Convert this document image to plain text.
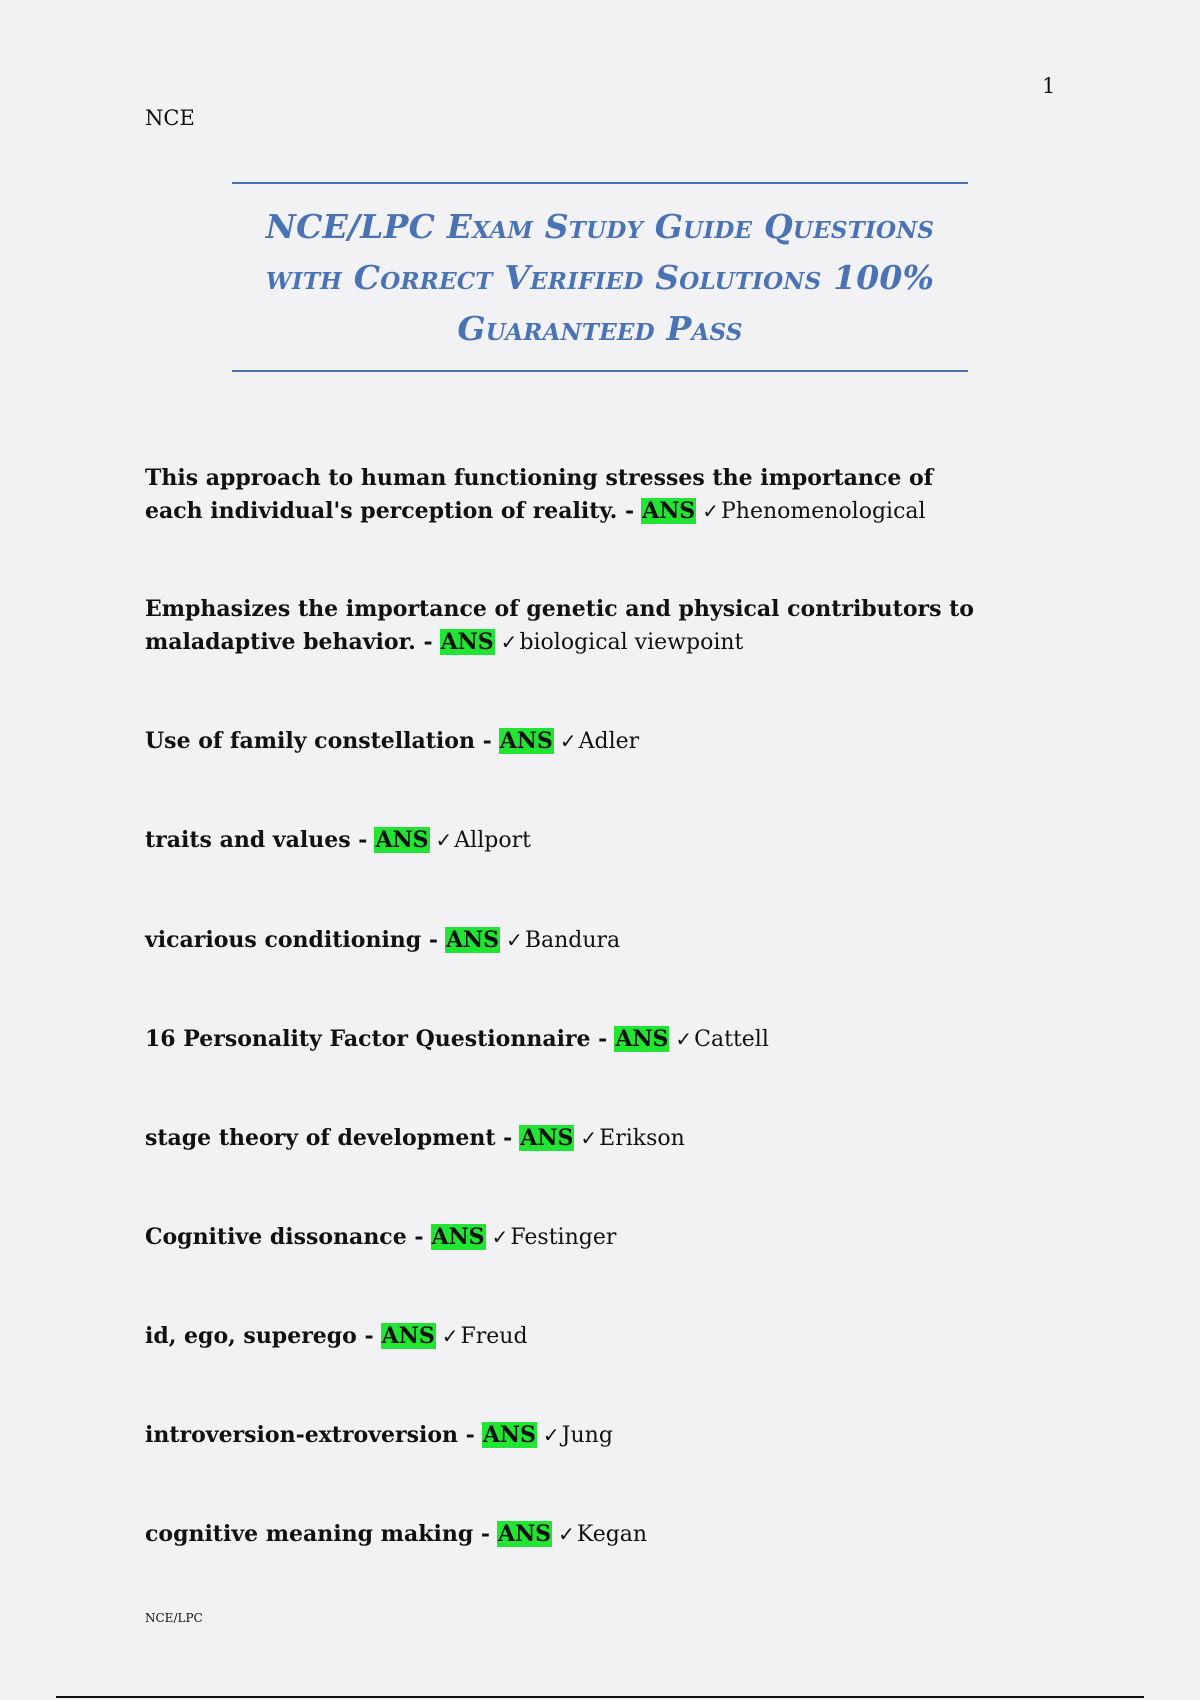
1
NCE
NCE/LPC Exam Study Guide Questions
with Correct Verified Solutions 100%
Guaranteed Pass
This approach to human functioning stresses the importance of each individual's perception of reality. - ANS ✓Phenomenological
Emphasizes the importance of genetic and physical contributors to maladaptive behavior. - ANS ✓biological viewpoint
Use of family constellation - ANS ✓Adler
traits and values - ANS ✓Allport
vicarious conditioning - ANS ✓Bandura
16 Personality Factor Questionnaire - ANS ✓Cattell
stage theory of development - ANS ✓Erikson
Cognitive dissonance - ANS ✓Festinger
id, ego, superego - ANS ✓Freud
introversion-extroversion - ANS ✓Jung
cognitive meaning making - ANS ✓Kegan
NCE/LPC
